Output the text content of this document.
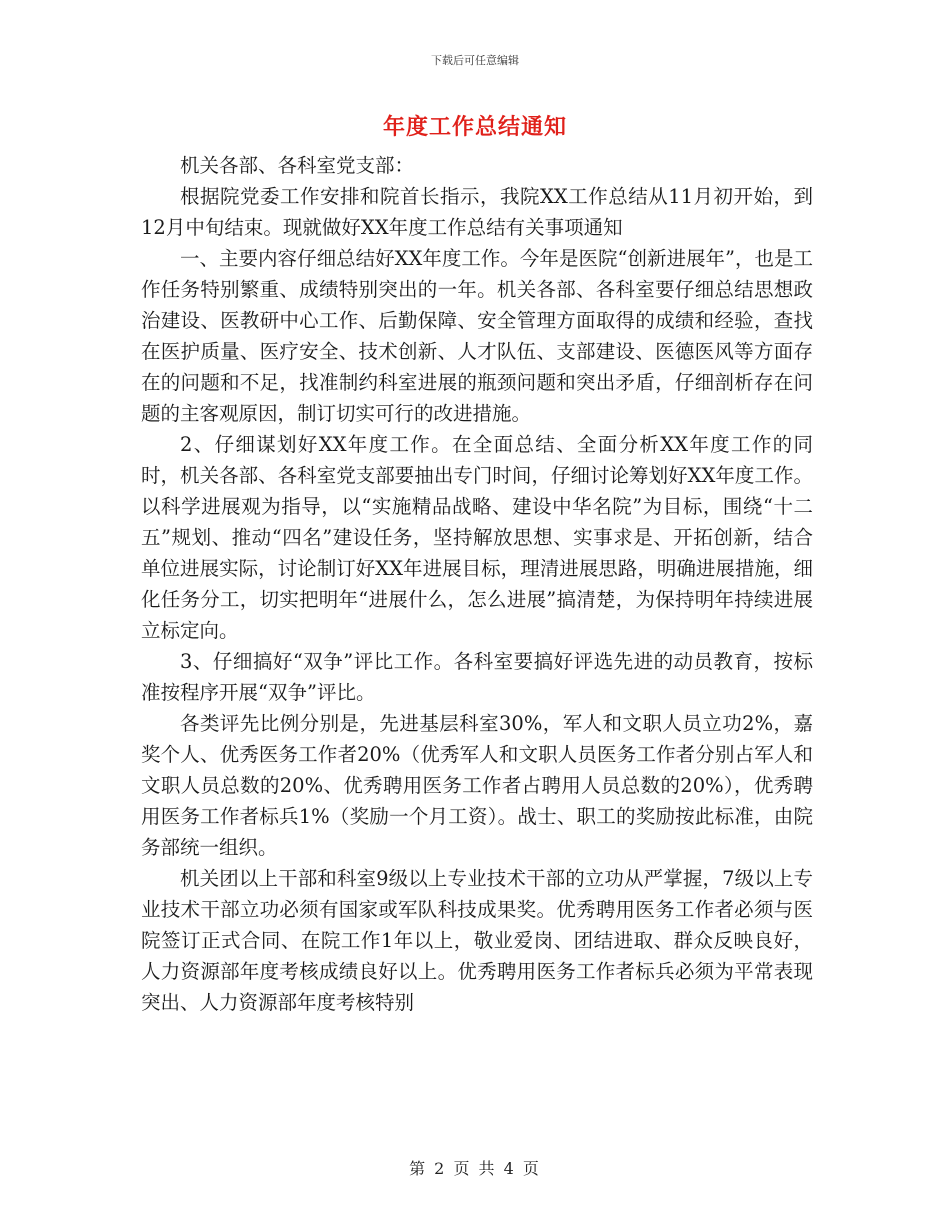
下载后可任意编辑
年度工作总结通知

机关各部、各科室党支部：

根据院党委工作安排和院首长指示，我院XX工作总结从11月初开始，到12月中旬结束。现就做好XX年度工作总结有关事项通知

一、主要内容仔细总结好XX年度工作。今年是医院“创新进展年”，也是工作任务特别繁重、成绩特别突出的一年。机关各部、各科室要仔细总结思想政治建设、医教研中心工作、后勤保障、安全管理方面取得的成绩和经验，查找在医护质量、医疗安全、技术创新、人才队伍、支部建设、医德医风等方面存在的问题和不足，找准制约科室进展的瓶颈问题和突出矛盾，仔细剖析存在问题的主客观原因，制订切实可行的改进措施。

2、仔细谋划好XX年度工作。在全面总结、全面分析XX年度工作的同时，机关各部、各科室党支部要抽出专门时间，仔细讨论筹划好XX年度工作。以科学进展观为指导，以“实施精品战略、建设中华名院”为目标，围绕“十二五”规划、推动“四名”建设任务，坚持解放思想、实事求是、开拓创新，结合单位进展实际，讨论制订好XX年进展目标，理清进展思路，明确进展措施，细化任务分工，切实把明年“进展什么，怎么进展”搞清楚，为保持明年持续进展立标定向。

3、仔细搞好“双争”评比工作。各科室要搞好评选先进的动员教育，按标准按程序开展“双争”评比。

各类评先比例分别是，先进基层科室30%，军人和文职人员立功2%，嘉奖个人、优秀医务工作者20%（优秀军人和文职人员医务工作者分别占军人和文职人员总数的20%、优秀聘用医务工作者占聘用人员总数的20%），优秀聘用医务工作者标兵1%（奖励一个月工资）。战士、职工的奖励按此标准，由院务部统一组织。

机关团以上干部和科室9级以上专业技术干部的立功从严掌握，7级以上专业技术干部立功必须有国家或军队科技成果奖。优秀聘用医务工作者必须与医院签订正式合同、在院工作1年以上，敬业爱岗、团结进取、群众反映良好，人力资源部年度考核成绩良好以上。优秀聘用医务工作者标兵必须为平常表现突出、人力资源部年度考核特别

第 2 页 共 4 页
